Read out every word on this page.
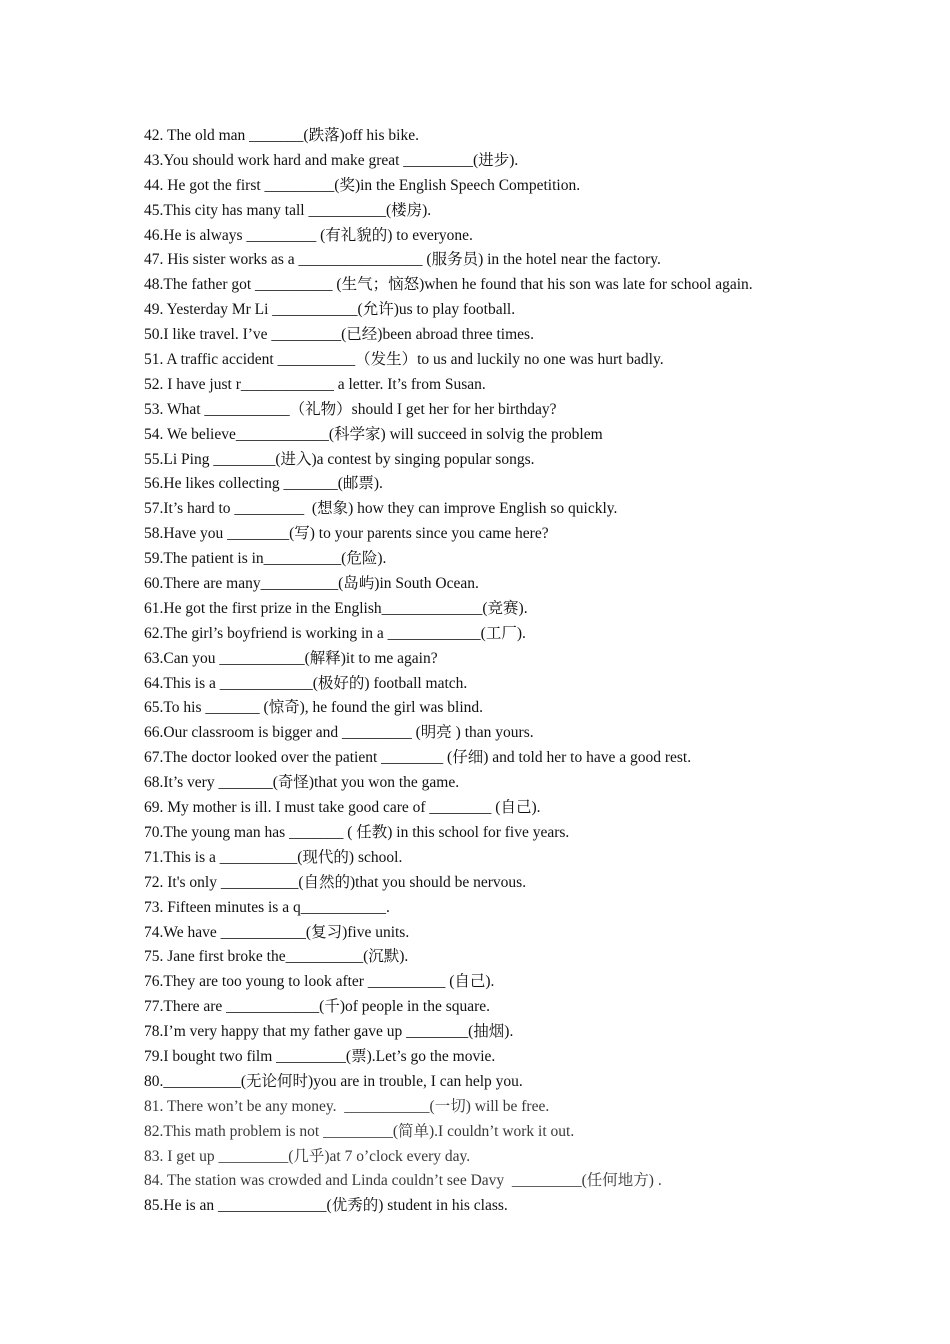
42. The old man _______(跌落)off his bike.
43.You should work hard and make great _________(进步).
44. He got the first _________(奖)in the English Speech Competition.
45.This city has many tall __________(楼房).
46.He is always _________ (有礼貌的) to everyone.
47. His sister works as a ________________ (服务员) in the hotel near the factory.
48.The father got __________ (生气；恼怒)when he found that his son was late for school again.
49. Yesterday Mr Li ___________(允许)us to play football.
50.I like travel. I’ve _________(已经)been abroad three times.
51. A traffic accident __________（发生）to us and luckily no one was hurt badly.
52. I have just r____________ a letter. It’s from Susan.
53. What ___________（礼物）should I get her for her birthday?
54. We believe____________(科学家) will succeed in solvig the problem
55.Li Ping ________(进入)a contest by singing popular songs.
56.He likes collecting _______(邮票).
57.It’s hard to _________  (想象) how they can improve English so quickly.
58.Have you ________(写) to your parents since you came here?
59.The patient is in__________(危险).
60.There are many__________(岛屿)in South Ocean.
61.He got the first prize in the English_____________(竞赛).
62.The girl’s boyfriend is working in a ____________(工厂).
63.Can you ___________(解释)it to me again?
64.This is a ____________(极好的) football match.
65.To his _______ (惊奇), he found the girl was blind.
66.Our classroom is bigger and _________ (明亮 ) than yours.
67.The doctor looked over the patient ________ (仔细) and told her to have a good rest.
68.It’s very _______(奇怪)that you won the game.
69. My mother is ill. I must take good care of ________ (自己).
70.The young man has _______ ( 任教) in this school for five years.
71.This is a __________(现代的) school.
72. It's only __________(自然的)that you should be nervous.
73. Fifteen minutes is a q___________.
74.We have ___________(复习)five units.
75. Jane first broke the__________(沉默).
76.They are too young to look after __________ (自己).
77.There are ____________(千)of people in the square.
78.I’m very happy that my father gave up ________(抽烟).
79.I bought two film _________(票).Let’s go the movie.
80.__________(无论何时)you are in trouble, I can help you.
81. There won’t be any money.  ___________(一切) will be free.
82.This math problem is not _________(简单).I couldn’t work it out.
83. I get up _________(几乎)at 7 o’clock every day.
84. The station was crowded and Linda couldn’t see Davy  _________(任何地方) .
85.He is an ______________(优秀的) student in his class.
